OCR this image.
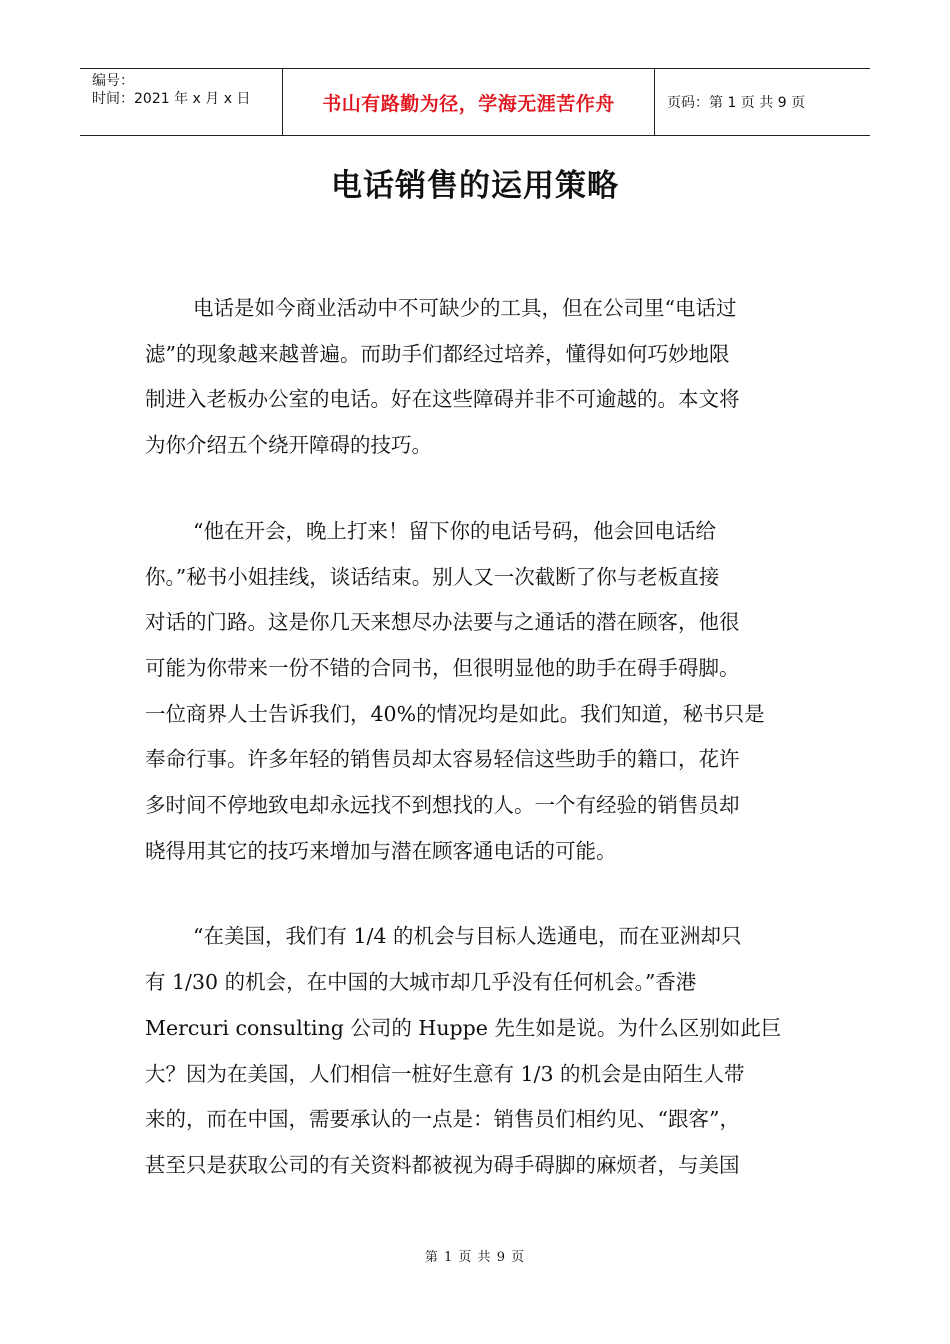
编号：
时间：2021 年 x 月 x 日	书山有路勤为径，学海无涯苦作舟	页码：第 1 页 共 9 页
电话销售的运用策略
电话是如今商业活动中不可缺少的工具，但在公司里“电话过
滤”的现象越来越普遍。而助手们都经过培养，懂得如何巧妙地限
制进入老板办公室的电话。好在这些障碍并非不可逾越的。本文将
为你介绍五个绕开障碍的技巧。
“他在开会，晚上打来！留下你的电话号码，他会回电话给
你。”秘书小姐挂线，谈话结束。别人又一次截断了你与老板直接
对话的门路。这是你几天来想尽办法要与之通话的潜在顾客，他很
可能为你带来一份不错的合同书，但很明显他的助手在碍手碍脚。
一位商界人士告诉我们，40%的情况均是如此。我们知道，秘书只是
奉命行事。许多年轻的销售员却太容易轻信这些助手的籍口，花许
多时间不停地致电却永远找不到想找的人。一个有经验的销售员却
晓得用其它的技巧来增加与潜在顾客通电话的可能。
“在美国，我们有 1/4 的机会与目标人选通电，而在亚洲却只
有 1/30 的机会，在中国的大城市却几乎没有任何机会。”香港
Mercuri consulting 公司的 Huppe 先生如是说。为什么区别如此巨
大？因为在美国，人们相信一桩好生意有 1/3 的机会是由陌生人带
来的，而在中国，需要承认的一点是：销售员们相约见、“跟客”，
甚至只是获取公司的有关资料都被视为碍手碍脚的麻烦者，与美国
第 1 页 共 9 页
